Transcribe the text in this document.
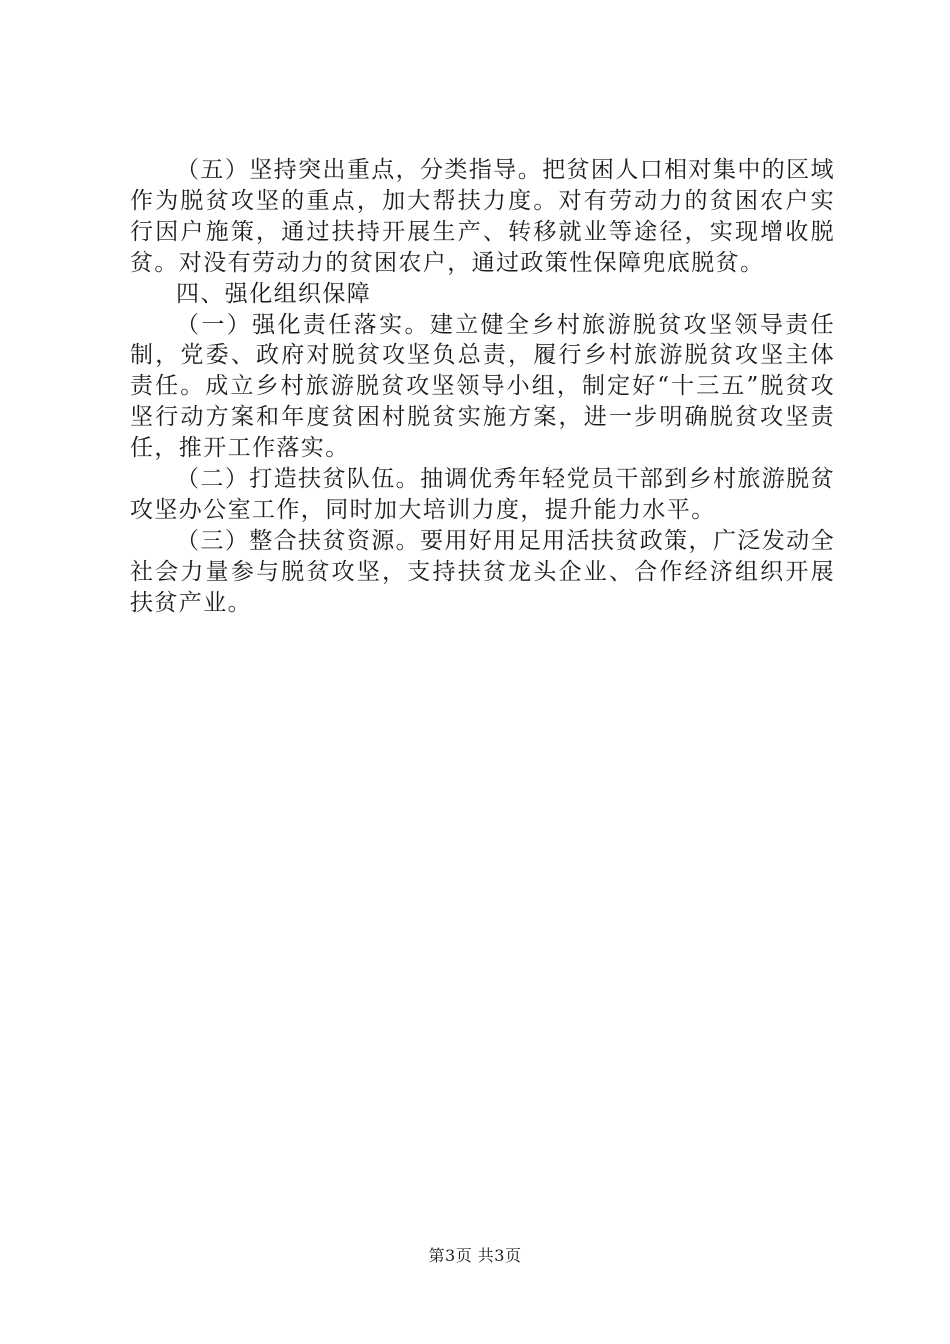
（五）坚持突出重点，分类指导。把贫困人口相对集中的区域作为脱贫攻坚的重点，加大帮扶力度。对有劳动力的贫困农户实行因户施策，通过扶持开展生产、转移就业等途径，实现增收脱贫。对没有劳动力的贫困农户，通过政策性保障兜底脱贫。

四、强化组织保障

（一）强化责任落实。建立健全乡村旅游脱贫攻坚领导责任制，党委、政府对脱贫攻坚负总责，履行乡村旅游脱贫攻坚主体责任。成立乡村旅游脱贫攻坚领导小组，制定好“十三五”脱贫攻坚行动方案和年度贫困村脱贫实施方案，进一步明确脱贫攻坚责任，推开工作落实。

（二）打造扶贫队伍。抽调优秀年轻党员干部到乡村旅游脱贫攻坚办公室工作，同时加大培训力度，提升能力水平。

（三）整合扶贫资源。要用好用足用活扶贫政策，广泛发动全社会力量参与脱贫攻坚，支持扶贫龙头企业、合作经济组织开展扶贫产业。

第3页 共3页
